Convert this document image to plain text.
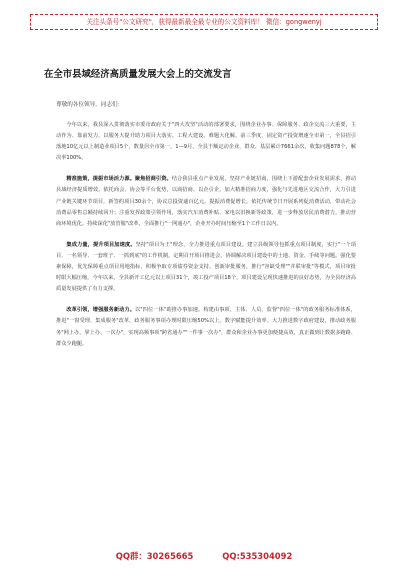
关注头条号"公文研究"，获得最新最全最专业的公文资料库！ 微信：gongwenyj
在全市县域经济高质量发展大会上的交流发言
尊敬的各位领导，同志们：

今年以来，我县深入贯彻落实市委市政府关于"四大攻坚"活动的部署要求，围绕企业办事、保障服务、政企交流三大重要，主动作为、靠前发力，以服务大提升助力项目大落实、工程大建设、难题大化解。前三季度，固定资产投资增速全市第一，全县招引落地10亿元以上制造业项目5个，数量居全市第一。1—9月，全县于额定动企业、群众、基层累计7661余次，收集问题878个，解决率100%。

精准施策，提振市场活力源。聚焦招商引资。结合我县重点产业发展，坚持产业链招商，围绕上下游配套企业发展需求，推动县域经济提质增效。依托商会、协会等平台优势，以商招商、以企引企，加大精准招商力度，强化与先进地区交流合作，大力引进产业链关键环节项目，新签约项目30余个，协议总投资逾百亿元。提振消费促增长。依托传统节日开展系列促消费活动，带动社会消费品零售总额持续回升；注重发挥政策引领作用，落实汽车消费补贴、家电以旧换新等政策，进一步释放居民消费潜力。推动营商环境优化。持续深化"放管服"改革，全面推行"一网通办"，企业开办时间压缩至1个工作日以内。

集成力量，提升项目加速度。坚持"项目为王"理念，全力推进重点项目建设。建立县级领导包抓重点项目制度，实行"一个项目、一名领导、一套班子、一抓到底"的工作机制，定期召开项目推进会，协调解决项目建设中的土地、资金、手续等问题。强化要素保障，优先保障重点项目用地指标，积极争取专项债券资金支持。创新审批服务，推行"容缺受理""并联审批"等模式，项目审批时限大幅压缩。今年以来，全县新开工亿元以上项目31个，竣工投产项目18个，项目建设呈现快速推进的良好态势，为全县经济高质量发展提供了有力支撑。

改革引领，增强服务新动力。以"四位一体"助推办事加速。构建由事项、主体、人员、监督"四位一体"的政务服务标准体系，推进"一窗受理、集成服务"改革，政务服务事项办理时限压缩50%以上。数字赋能提升效率。大力推进数字政府建设，推动政务服务"网上办、掌上办、一次办"，实现高频事项"跨省通办""一件事一次办"，群众和企业办事更加便捷高效，真正做到让数据多跑路、群众少跑腿。

QQ群：30265665	QQ:535304092
